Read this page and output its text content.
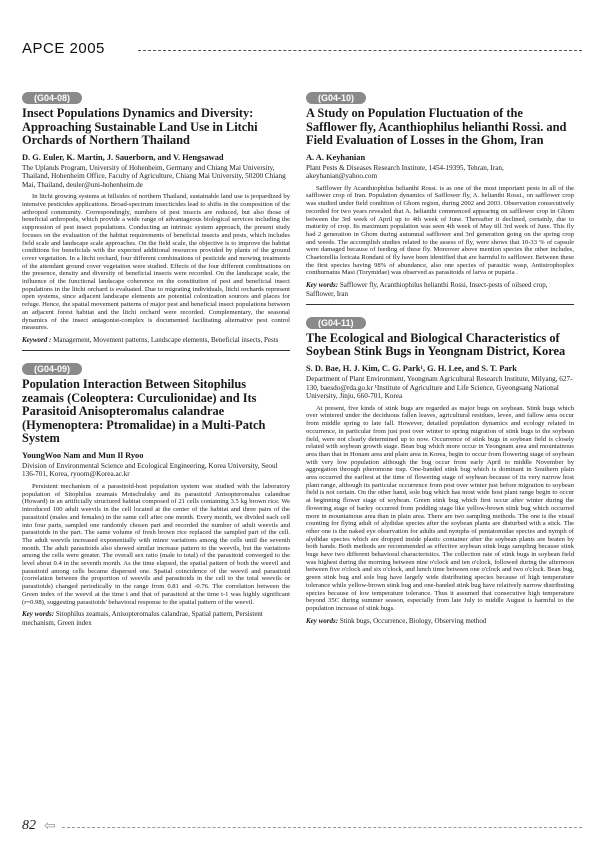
APCE 2005
(G04-08)
Insect Populations Dynamics and Diversity: Approaching Sustainable Land Use in Litchi Orchards of Northern Thailand
D. G. Euler, K. Martin, J. Sauerborn, and V. Hengsawad
The Uplands Program, University of Hohenheim, Germany and Chiang Mai University, Thailand, Hohenheim Office, Faculty of Agriculture, Chiang Mai University, 50200 Chiang Mai, Thailand, deuler@uni-hohenheim.de

In litchi growing systems at hillsides of northern Thailand, sustainable land use is jeopardized by intensive pesticides applications. Broad-spectrum insecticides lead to shifts in the composition of the arthropod community. Correspondingly, numbers of pest insects are reduced, but also those of beneficial arthropods, which provide a wide range of advantageous biological services including the suppression of pest insect populations. Conducting an intrinsic system approach, the present study focuses on the evaluation of the habitat requirements of beneficial insects and pests, which includes field scale and landscape scale approaches. On the field scale, the objective is to improve the habitat conditions for beneficials with the expected additional resources provided by plants of the ground cover vegetation. In a litchi orchard, four different combinations of pesticide and mowing treatments of the attendant ground cover vegetation were studied. Effects of the four different combinations on the presence, density and diversity of beneficial insects were recorded. On the landscape scale, the influence of the functional landscape coherence on the constitution of pest and beneficial insect populations in the litchi orchard is evaluated. Due to migrating individuals, litchi orchards represent open systems, since adjacent landscape elements are potential colonization sources and places for refuge. Hence, the spatial movement patterns of major pest and beneficial insect populations between an adjacent forest habitat and the litchi orchard were recorded. Complementary, the seasonal dynamics of the insect antagonist-complex is documented facilitating alternative pest control measures.

Keyword : Management, Movement patterns, Landscape elements, Beneficial insects, Pests
(G04-09)
Population Interaction Between Sitophilus zeamais (Coleoptera: Curculionidae) and Its Parasitoid Anisopteromalus calandrae (Hymenoptera: Ptromalidae) in a Multi-Patch System
YoungWoo Nam and Mun Il Ryoo
Division of Environmental Science and Ecological Engineering, Korea University, Seoul 136-701, Korea, ryoom@Korea.ac.kr

Persistent mechanism of a parasitoid-host population system was studied with the laboratory population of Sitophilus zeamais Motschulsky and its parasitoid Anisopteromalus calandrae (Howard) in an artificially structured habitat composed of 21 cells containing 3.5 kg brown rice. We introduced 100 adult weevils in the cell located at the center of the habitat and three pairs of the parasitoid (males and females) in the same cell after one month. Every month, we divided each cell into four parts, sampled one randomly chosen part and recorded the number of adult weevils and parasitoids in the part. The same volume of fresh brown rice replaced the sampled part of the cell. The adult weevils increased exponentially with minor variations among the cells until the seventh month. The adult parasitoids also showed similar increase pattern to the weevils, but the variations among the cells were greater. The overall sex ratio (male to total) of the parasitoid converged to the level about 0.4 in the seventh month. As the time elapsed, the spatial pattern of both the weevil and parasitoid among cells became dispersed one. Spatial coincidence of the weevil and parasitoid (correlation between the proportion of weevils and parasitoids in the cell to the total weevils or parasitoids) changed periodically in the range from 0.81 and -0.76. The correlation between the Green index of the weevil at the time t and that of parasitoid at the time t-1 was highly significant (r=0.98), suggesting parasitoids' behavioral response to the spatial pattern of the weevil.

Key words: Sitophilus zeamais, Anisopteromalus calandrae, Spatial pattern, Persistent mechanism, Green index
(G04-10)
A Study on Population Fluctuation of the Safflower fly, Acanthiophilus helianthi Rossi. and Field Evaluation of Losses in the Ghom, Iran
A. A. Keyhanian
Plant Pests & Diseases Research Institute, 1454-19395, Tehran, Iran, akeyhanian@yahoo.com

Safflower fly Acanthiophilus helianthi Rossi. is as one of the most important pests in all of the safflower crop of Iran. Population dynamics of Safflower fly, A. helianthi Rossi., on safflower crop was studied under field condition of Ghom region, during 2002 and 2003. Observation consecutively recorded for two years revealed that A. helianthi commenced appearing on safflower crop in Ghom between the 3rd week of April up to 4th week of June. Thereafter it declined, certainly, due to maturity of crop. Its maximum population was seen 4th week of May till 3rd week of June. This fly had 2 generation in Ghom during autumnal safflower and 3rd generation going on the spring crop and weeds. The accomplish studies related to the assess of fly, were shows that 10-33 % of capsule were damaged because of feeding of these fly. Moreover above mention species the other includes, Chaetorellia loricata Rondani of fly have been identified that are harmful to safflower. Between these the first species having 98% of abundance, also one species of parasitic wasp, Antistrophoplex conthurnatus Masi (Torymidae) was observed as parasitoids of larva or puparia .

Key words: Safflower fly, Acanthiophilus helianthi Rossi, Insect-pests of oilseed crop, Safflower, Iran
(G04-11)
The Ecological and Biological Characteristics of Soybean Stink Bugs in Yeongnam District, Korea
S. D. Bae, H. J. Kim, C. G. Park¹, G. H. Lee, and S. T. Park
Department of Plant Environment, Yeongnam Agricultural Research Institute, Milyang, 627-130, baesdo@rda.go.kr ¹Institute of Agriculture and Life Science, Gyeongsang National University, Jinju, 660-701, Korea

At present, five kinds of stink bugs are regarded as major bugs on soybean. Stink bugs which over wintered under the deciduous fallen leaves, agricultural residues, levee, and fallow area occur from middle spring to late fall. However, detailed population dynamics and ecology related in occurrence, in particular from just post over winter to spring migration of stink bugs to the soybean field, were not clearly determined up to now. Occurrence of stink bugs in soybean field is closely related with soybean growth stage. Bean bug which more occur in Yeongnam area and mountainous area than that in Honam area and plain area in Korea, begin to occur from flowering stage of soybean with very low population although the bug occur from early April to middle November by aggregation through pheromone trap. One-banded stink bug which is dominant in Southern plain area occurred the earliest at the time of flowering stage of soybean because of its very narrow host plant range, although its particular occurrence from post over winter just before migration to soybean field is not certain. On the other hand, sole bug which has most wide host plant range begin to occur at beginning flower stage of soybean. Green stink bug which first occur after winter during the flowering stage of barley occurred from podding stage like yellow-brown stink bug which occurred more in mountainous area than in plain area. There are two sampling methods. The one is the visual counting for flying adult of alydidae species after the soybean plants are disturbed with a stick. The other one is the naked eye observation for adults and nymphs of pentatomidae species and nymph of alydidae species which are dropped inside plastic container after the soybean plants are beaten by both hands. Both methods are recommended as effective soybean stink bugs sampling because stink bugs have two different behavioral characteristics. The collection rate of stink bugs in soybean field was highest during the morning between nine o'clock and ten o'clock, followed during the afternoon between five o'clock and six o'clock, and lunch time between one o'clock and two o'clock. Bean bug, green stink bug and sole bug have largely wide distributing species because of high temperature tolerance while yellow-brown stink bug and one-banded stink bug have relatively narrow distributing species because of low temperature tolerance. Thus it assumed that consecutive high temperature beyond 35C during summer season, especially from late July to middle August is harmful to the population increase of stink bugs.

Key words: Stink bugs, Occurrence, Biology, Observing method
82 ⇦
